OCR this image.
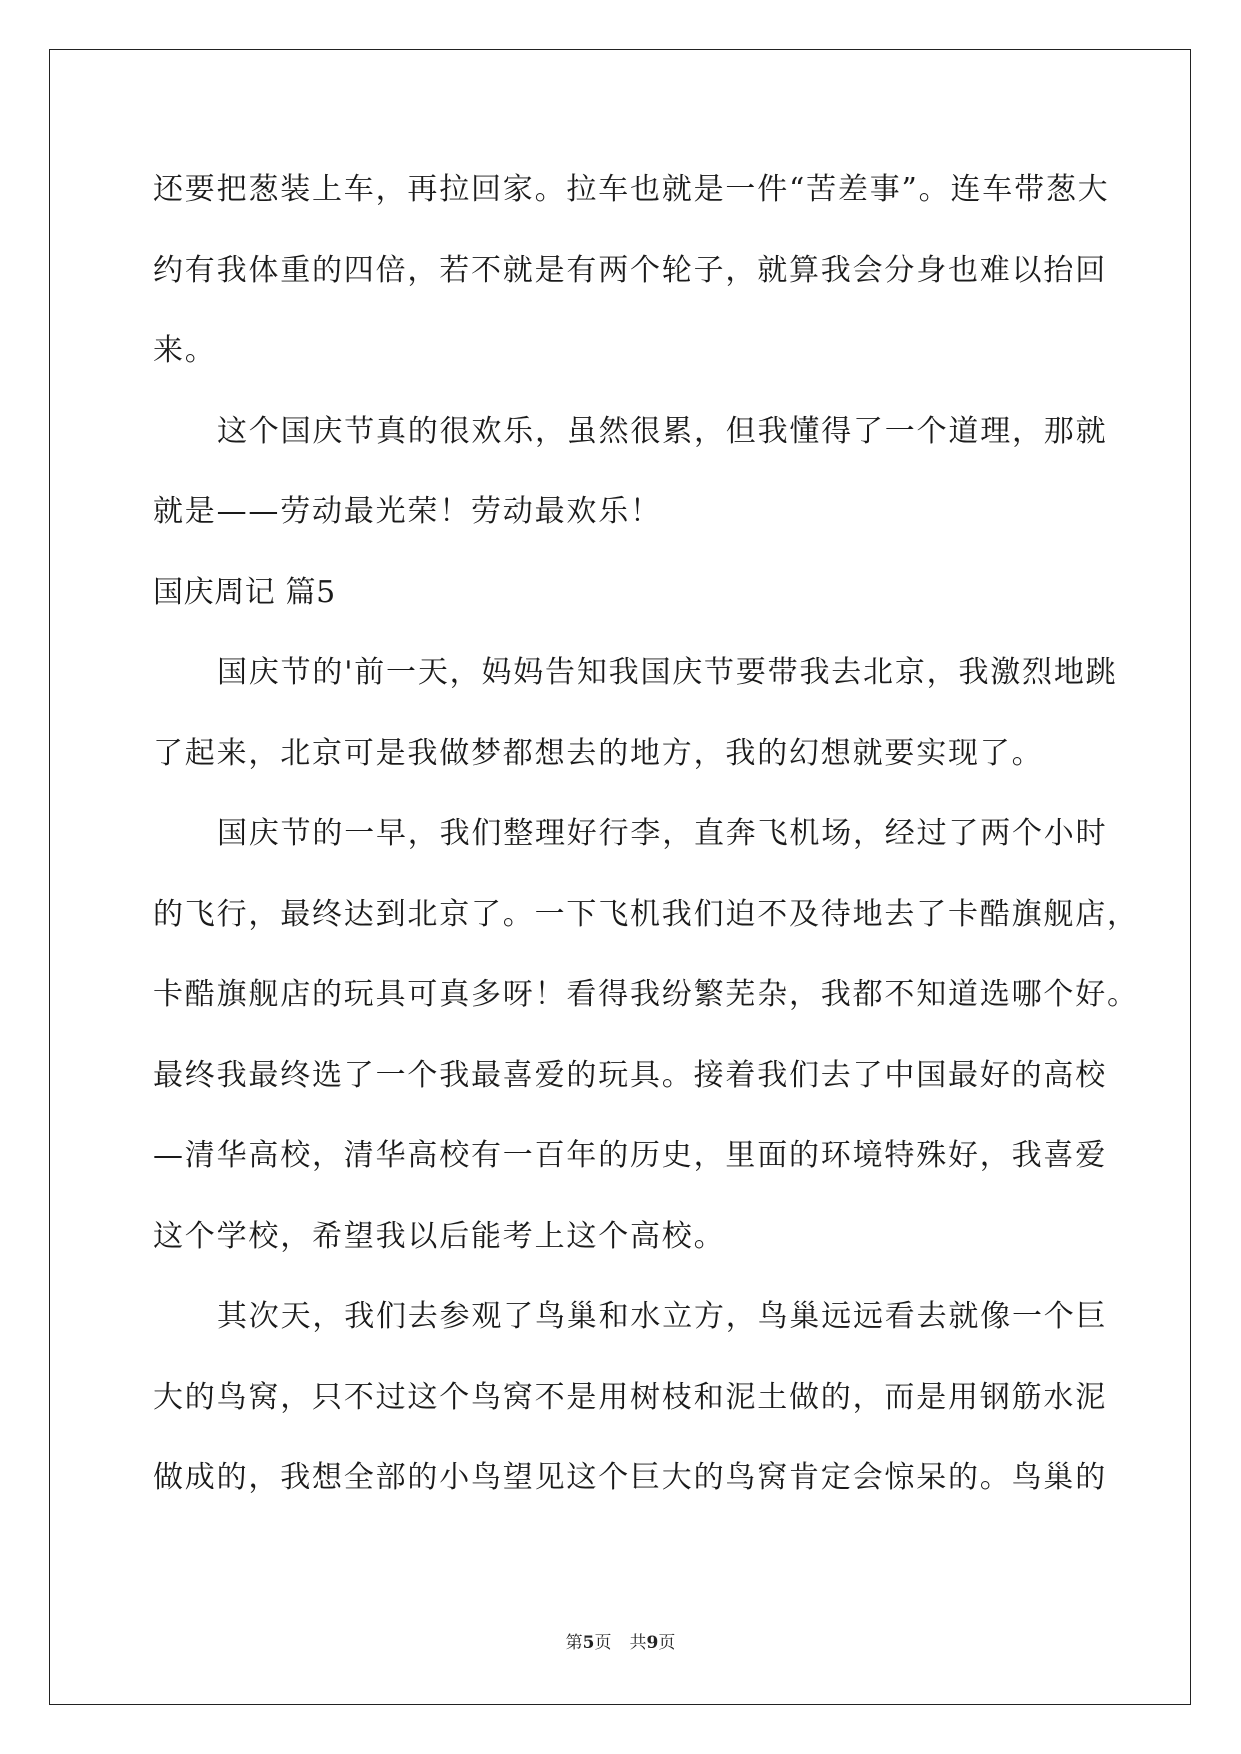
还要把葱装上车，再拉回家。拉车也就是一件“苦差事”。连车带葱大
约有我体重的四倍，若不就是有两个轮子，就算我会分身也难以抬回
来。
这个国庆节真的很欢乐，虽然很累，但我懂得了一个道理，那就
就是——劳动最光荣！劳动最欢乐！
国庆周记 篇5
国庆节的'前一天，妈妈告知我国庆节要带我去北京，我激烈地跳
了起来，北京可是我做梦都想去的地方，我的幻想就要实现了。
国庆节的一早，我们整理好行李，直奔飞机场，经过了两个小时
的飞行，最终达到北京了。一下飞机我们迫不及待地去了卡酷旗舰店，
卡酷旗舰店的玩具可真多呀！看得我纷繁芜杂，我都不知道选哪个好。
最终我最终选了一个我最喜爱的玩具。接着我们去了中国最好的高校
—清华高校，清华高校有一百年的历史，里面的环境特殊好，我喜爱
这个学校，希望我以后能考上这个高校。
其次天，我们去参观了鸟巢和水立方，鸟巢远远看去就像一个巨
大的鸟窝，只不过这个鸟窝不是用树枝和泥土做的，而是用钢筋水泥
做成的，我想全部的小鸟望见这个巨大的鸟窝肯定会惊呆的。鸟巢的
第5页 共9页
